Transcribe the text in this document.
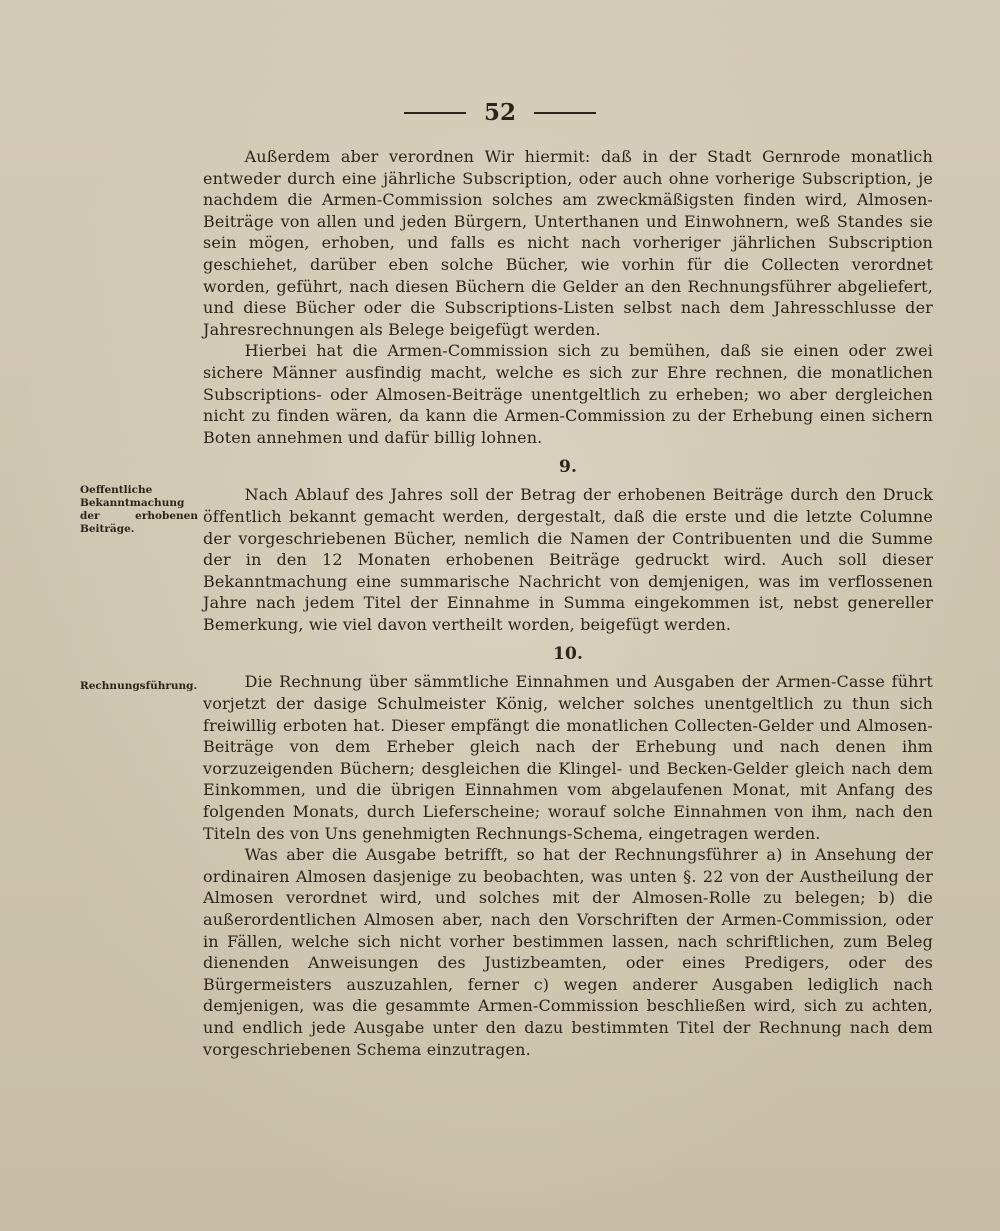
52
Oeffentliche Bekanntmachung der erhobenen Beiträge.
Rechnungsführung.

Außerdem aber verordnen Wir hiermit: daß in der Stadt Gernrode monatlich entweder durch eine jährliche Subscription, oder auch ohne vorherige Subscription, je nachdem die Armen-Commission solches am zweckmäßigsten finden wird, Almosen-Beiträge von allen und jeden Bürgern, Unterthanen und Einwohnern, weß Standes sie sein mögen, erhoben, und falls es nicht nach vorheriger jährlichen Subscription geschiehet, darüber eben solche Bücher, wie vorhin für die Collecten verordnet worden, geführt, nach diesen Büchern die Gelder an den Rechnungsführer abgeliefert, und diese Bücher oder die Subscriptions-Listen selbst nach dem Jahresschlusse der Jahresrechnungen als Belege beigefügt werden.

Hierbei hat die Armen-Commission sich zu bemühen, daß sie einen oder zwei sichere Männer ausfindig macht, welche es sich zur Ehre rechnen, die monatlichen Subscriptions- oder Almosen-Beiträge unentgeltlich zu erheben; wo aber dergleichen nicht zu finden wären, da kann die Armen-Commission zu der Erhebung einen sichern Boten annehmen und dafür billig lohnen.

9.

Nach Ablauf des Jahres soll der Betrag der erhobenen Beiträge durch den Druck öffentlich bekannt gemacht werden, dergestalt, daß die erste und die letzte Columne der vorgeschriebenen Bücher, nemlich die Namen der Contribuenten und die Summe der in den 12 Monaten erhobenen Beiträge gedruckt wird. Auch soll dieser Bekanntmachung eine summarische Nachricht von demjenigen, was im verflossenen Jahre nach jedem Titel der Einnahme in Summa eingekommen ist, nebst genereller Bemerkung, wie viel davon vertheilt worden, beigefügt werden.

10.

Die Rechnung über sämmtliche Einnahmen und Ausgaben der Armen-Casse führt vorjetzt der dasige Schulmeister König, welcher solches unentgeltlich zu thun sich freiwillig erboten hat. Dieser empfängt die monatlichen Collecten-Gelder und Almosen-Beiträge von dem Erheber gleich nach der Erhebung und nach denen ihm vorzuzeigenden Büchern; desgleichen die Klingel- und Becken-Gelder gleich nach dem Einkommen, und die übrigen Einnahmen vom abgelaufenen Monat, mit Anfang des folgenden Monats, durch Lieferscheine; worauf solche Einnahmen von ihm, nach den Titeln des von Uns genehmigten Rechnungs-Schema, eingetragen werden.

Was aber die Ausgabe betrifft, so hat der Rechnungsführer a) in Ansehung der ordinairen Almosen dasjenige zu beobachten, was unten §. 22 von der Austheilung der Almosen verordnet wird, und solches mit der Almosen-Rolle zu belegen; b) die außerordentlichen Almosen aber, nach den Vorschriften der Armen-Commission, oder in Fällen, welche sich nicht vorher bestimmen lassen, nach schriftlichen, zum Beleg dienenden Anweisungen des Justizbeamten, oder eines Predigers, oder des Bürgermeisters auszuzahlen, ferner c) wegen anderer Ausgaben lediglich nach demjenigen, was die gesammte Armen-Commission beschließen wird, sich zu achten, und endlich jede Ausgabe unter den dazu bestimmten Titel der Rechnung nach dem vorgeschriebenen Schema einzutragen.
